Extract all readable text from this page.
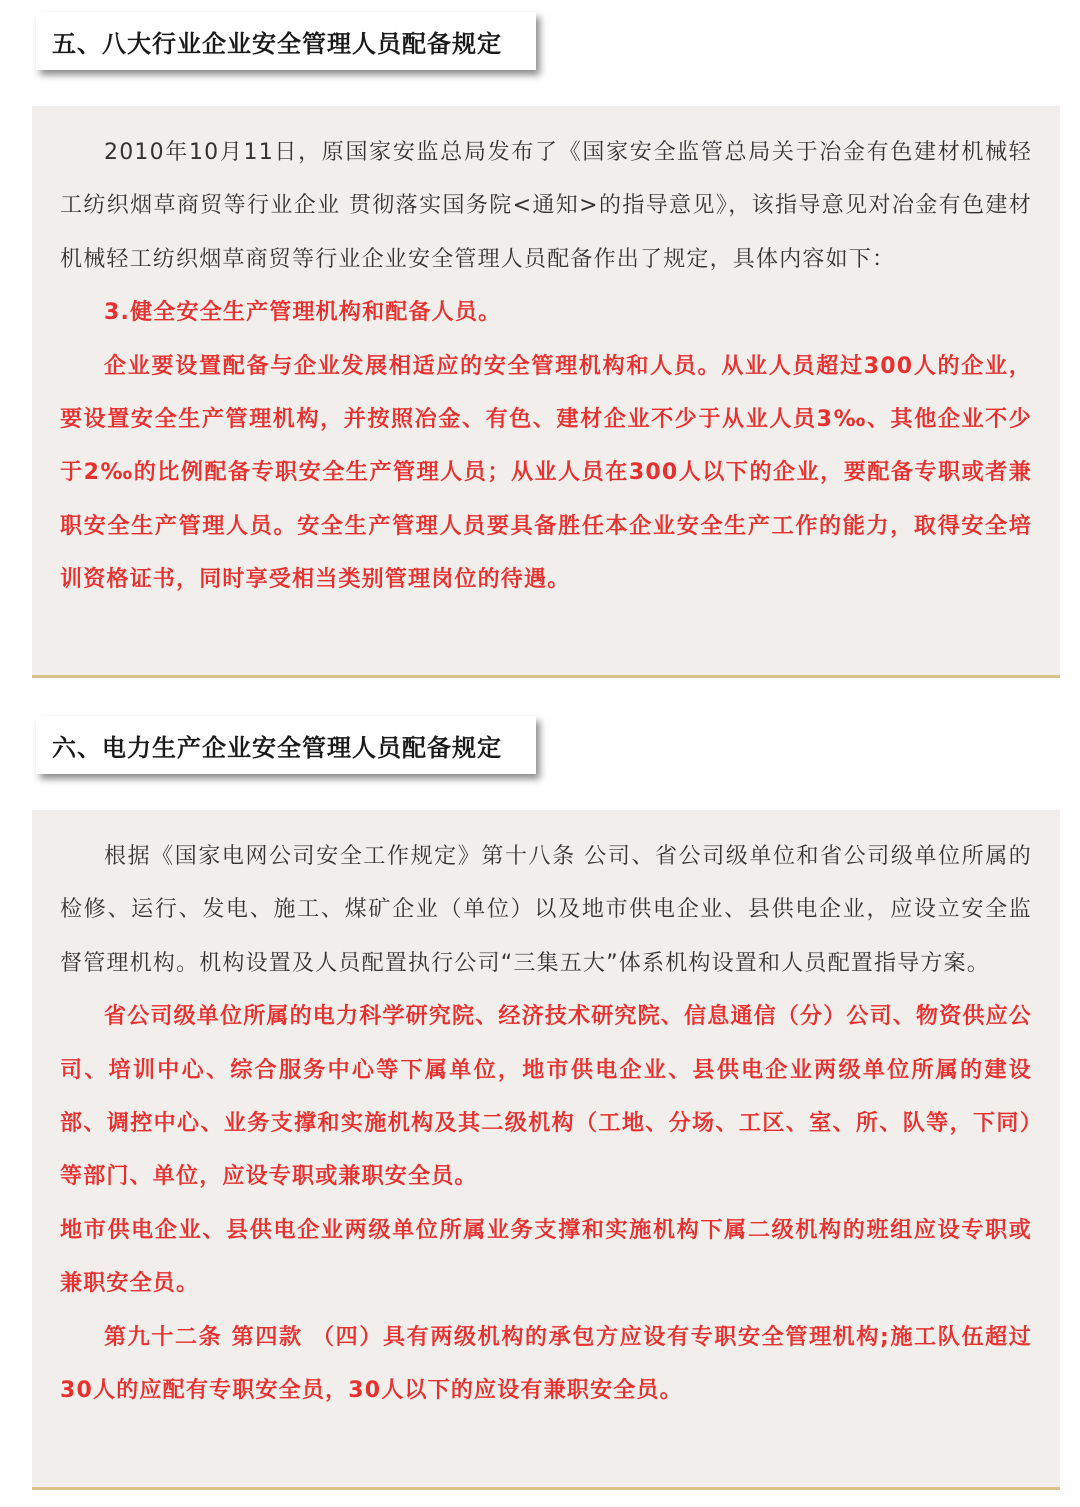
五、八大行业企业安全管理人员配备规定

2010年10月11日，原国家安监总局发布了《国家安全监管总局关于冶金有色建材机械轻工纺织烟草商贸等行业企业 贯彻落实国务院<通知>的指导意见》，该指导意见对冶金有色建材机械轻工纺织烟草商贸等行业企业安全管理人员配备作出了规定，具体内容如下：

3.健全安全生产管理机构和配备人员。

企业要设置配备与企业发展相适应的安全管理机构和人员。从业人员超过300人的企业，要设置安全生产管理机构，并按照冶金、有色、建材企业不少于从业人员3‰、其他企业不少于2‰的比例配备专职安全生产管理人员；从业人员在300人以下的企业，要配备专职或者兼职安全生产管理人员。安全生产管理人员要具备胜任本企业安全生产工作的能力，取得安全培训资格证书，同时享受相当类别管理岗位的待遇。

六、电力生产企业安全管理人员配备规定

根据《国家电网公司安全工作规定》第十八条 公司、省公司级单位和省公司级单位所属的检修、运行、发电、施工、煤矿企业（单位）以及地市供电企业、县供电企业，应设立安全监督管理机构。机构设置及人员配置执行公司“三集五大”体系机构设置和人员配置指导方案。

省公司级单位所属的电力科学研究院、经济技术研究院、信息通信（分）公司、物资供应公司、培训中心、综合服务中心等下属单位，地市供电企业、县供电企业两级单位所属的建设部、调控中心、业务支撑和实施机构及其二级机构（工地、分场、工区、室、所、队等，下同）等部门、单位，应设专职或兼职安全员。

地市供电企业、县供电企业两级单位所属业务支撑和实施机构下属二级机构的班组应设专职或兼职安全员。

第九十二条 第四款 （四）具有两级机构的承包方应设有专职安全管理机构;施工队伍超过30人的应配有专职安全员，30人以下的应设有兼职安全员。
